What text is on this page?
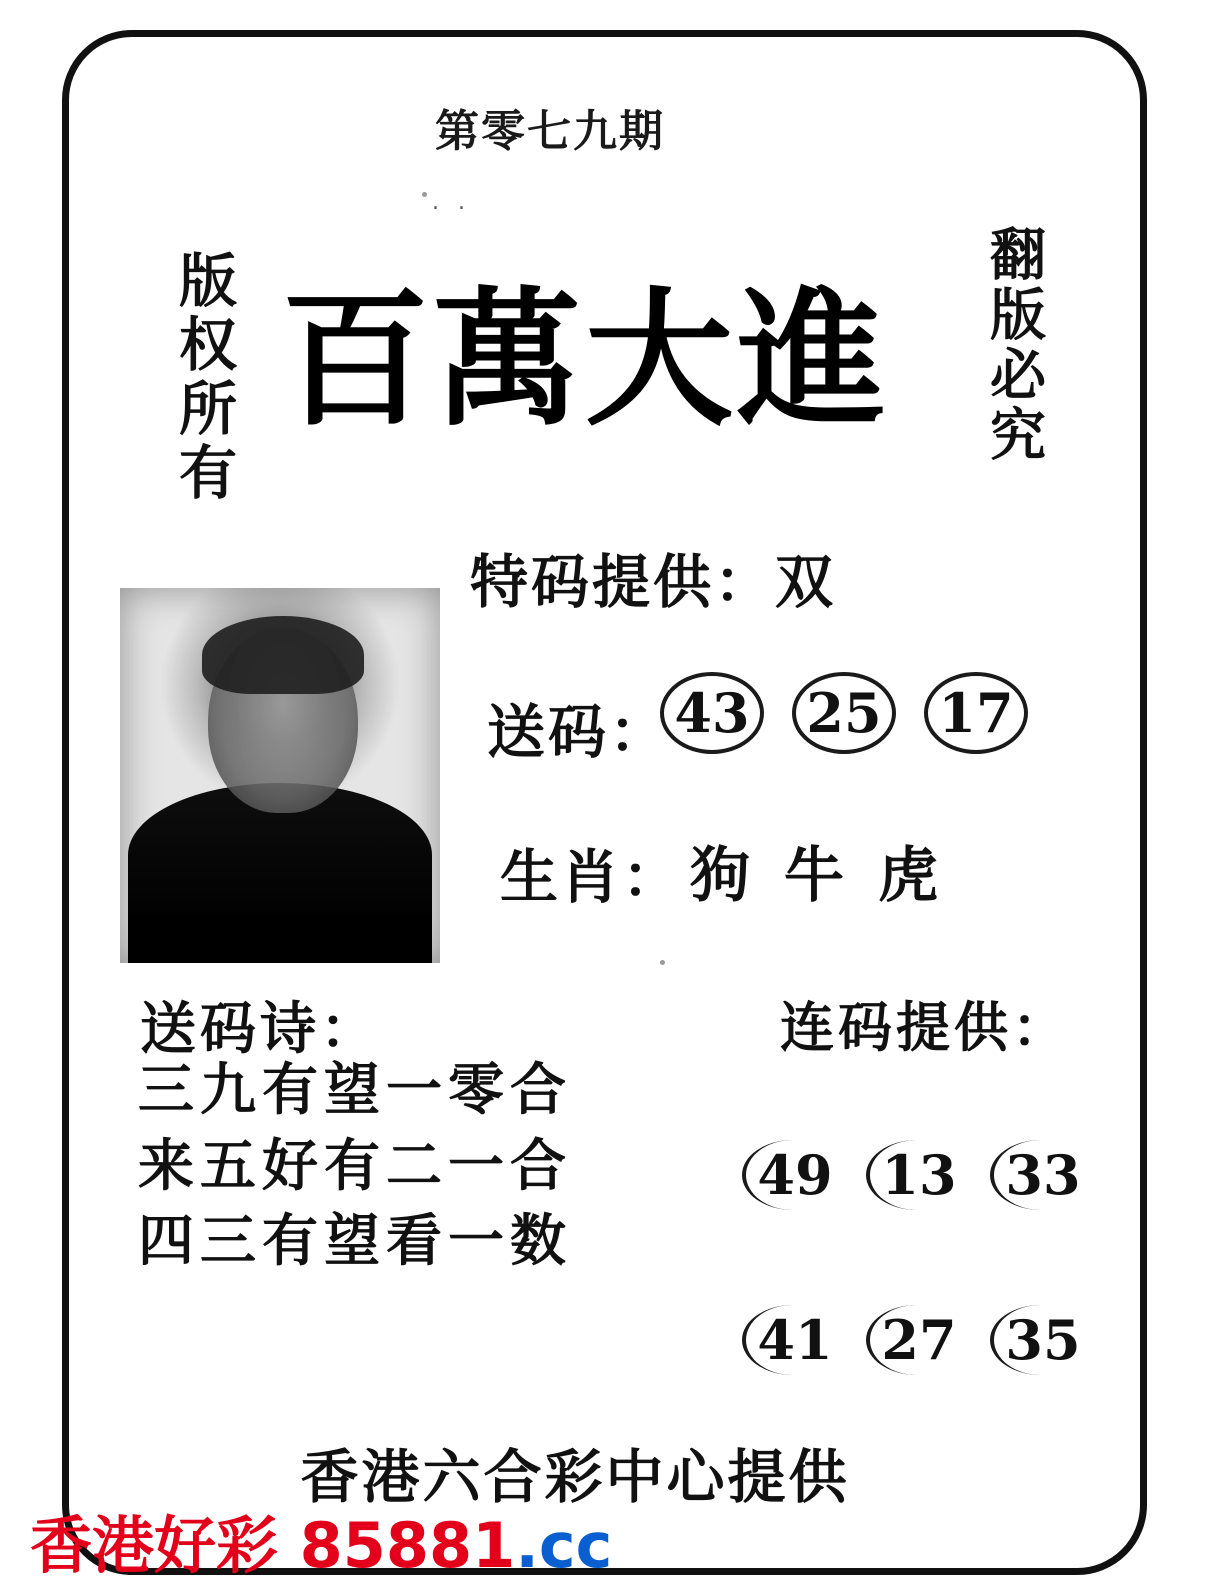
第零七九期
. .
版权所有	翻版必究
百萬大進
特码提供：双
送码： 43 25 17
生肖： 狗 牛 虎
送码诗：
三九有望一零合
来五好有二一合
四三有望看一数
连码提供：
49 13 33
41 27 35
香港六合彩中心提供
香港好彩 85881.cc
